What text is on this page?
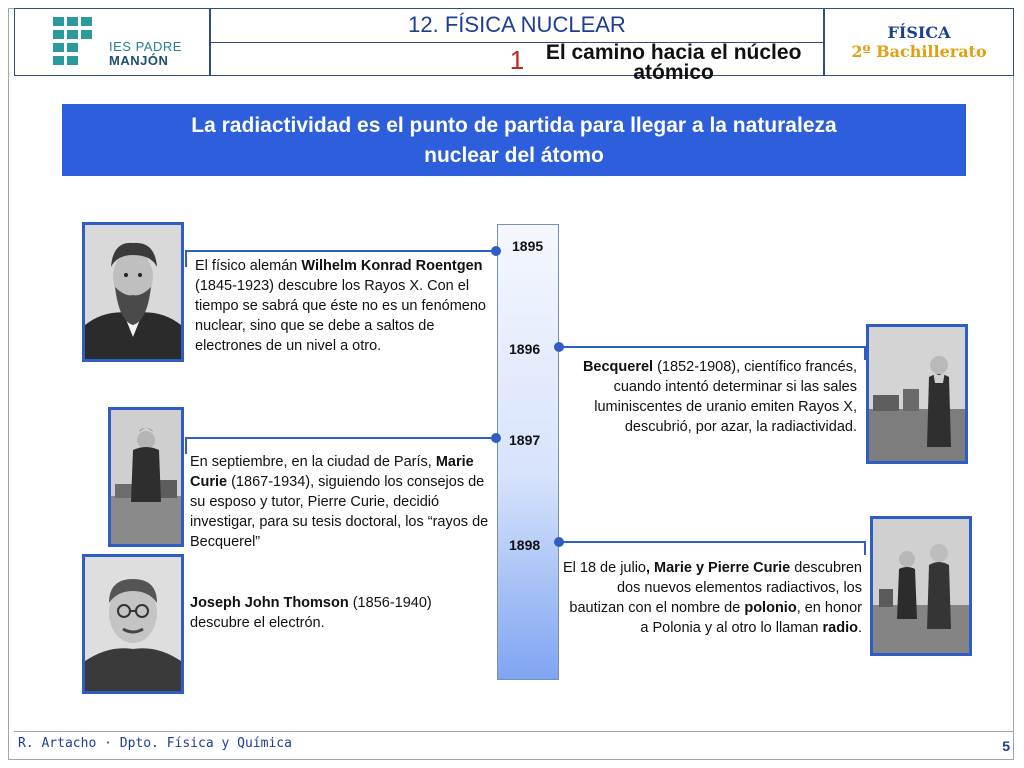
IES PADRE
MANJÓN
12. FÍSICA NUCLEAR
1	El camino hacia el núcleo atómico
FÍSICA
2º Bachillerato
La radiactividad es el punto de partida para llegar a la naturaleza
nuclear del átomo
1895
1896
1897
1898
El físico alemán Wilhelm Konrad Roentgen (1845-1923) descubre los Rayos X. Con el tiempo se sabrá que éste no es un fenómeno nuclear, sino que se debe a saltos de electrones de un nivel a otro.
En septiembre, en la ciudad de París, Marie Curie (1867-1934), siguiendo los consejos de su esposo y tutor, Pierre Curie, decidió investigar, para su tesis doctoral, los “rayos de Becquerel”
Joseph John Thomson (1856-1940) descubre el electrón.
Becquerel (1852-1908), científico francés, cuando intentó determinar si las sales luminiscentes de uranio emiten Rayos X, descubrió, por azar, la radiactividad.
El 18 de julio, Marie y Pierre Curie descubren dos nuevos elementos radiactivos, los bautizan con el nombre de polonio, en honor a Polonia y al otro lo llaman radio.
R. Artacho · Dpto. Física y Química	5
